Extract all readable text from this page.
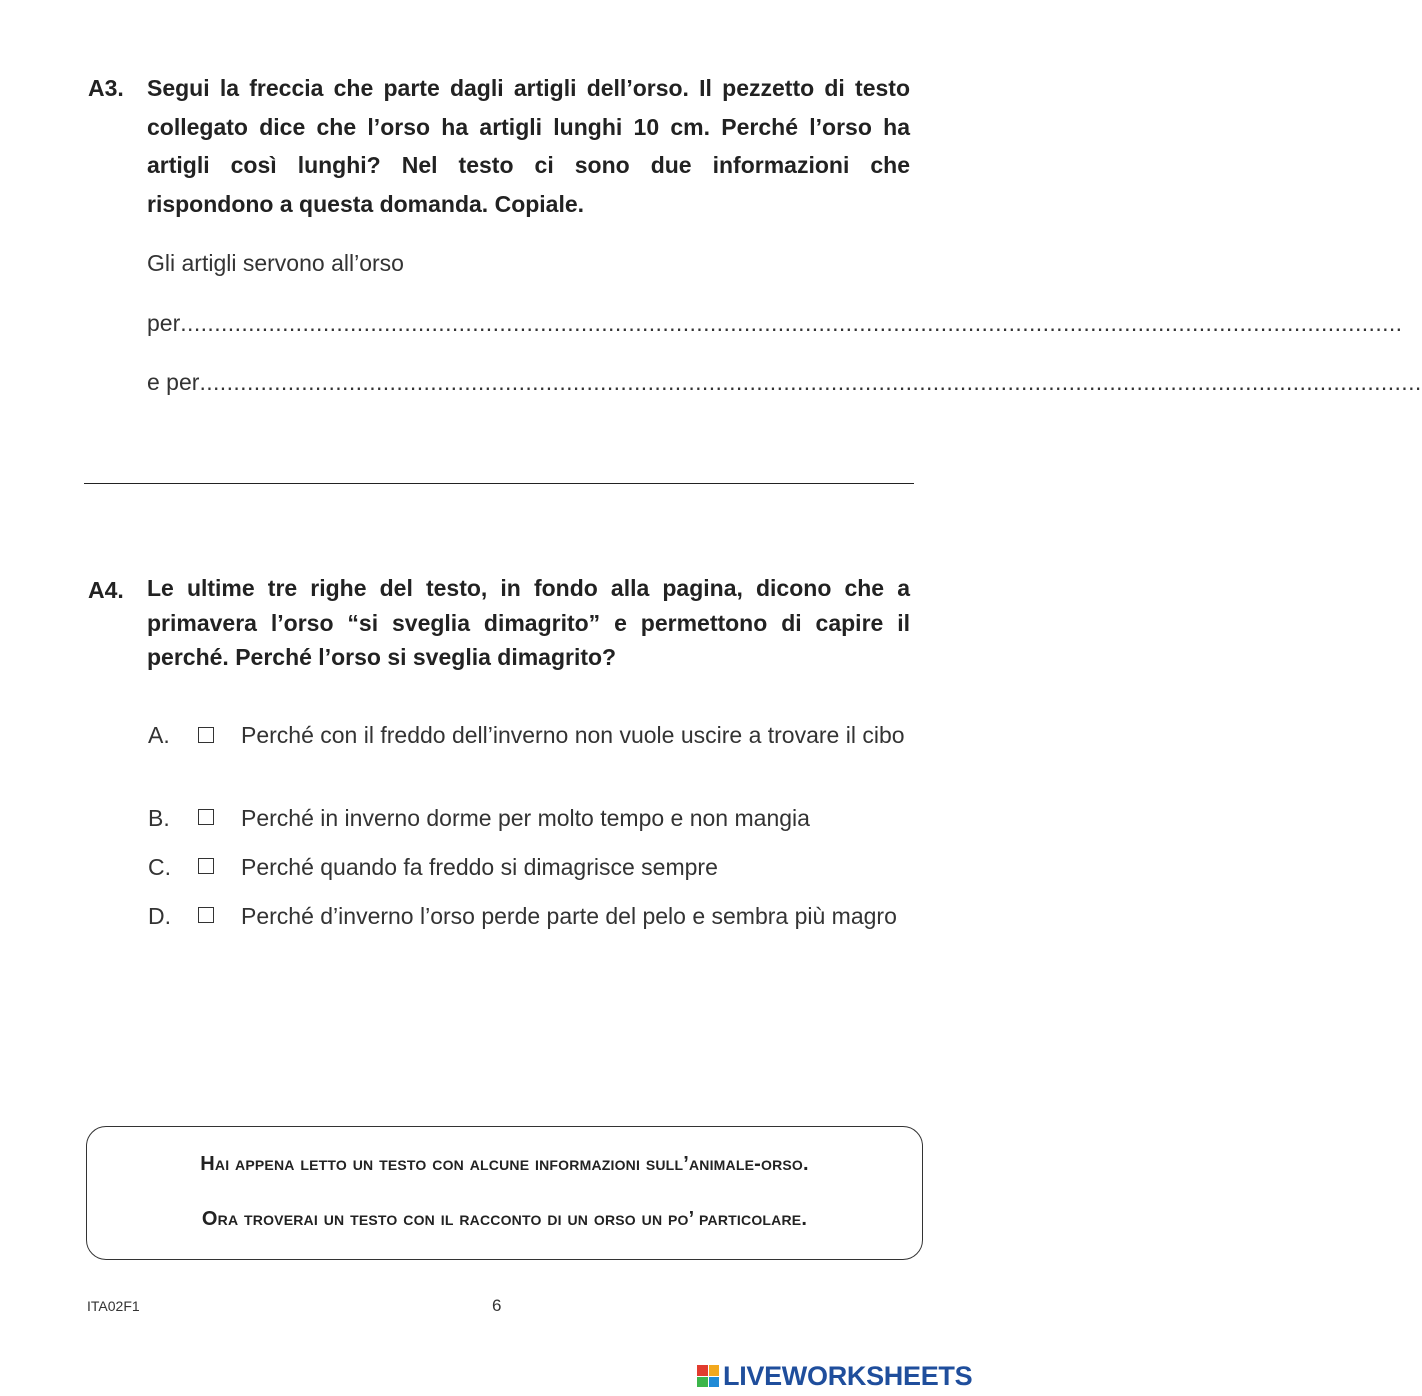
A3. Segui la freccia che parte dagli artigli dell’orso. Il pezzetto di testo collegato dice che l’orso ha artigli lunghi 10 cm. Perché l’orso ha artigli così lunghi? Nel testo ci sono due informazioni che rispondono a questa domanda. Copiale.
Gli artigli servono all’orso
per ....................................................................................................................................................................................
e per ....................................................................................................................................................................................
A4. Le ultime tre righe del testo, in fondo alla pagina, dicono che a primavera l’orso “si sveglia dimagrito” e permettono di capire il perché. Perché l’orso si sveglia dimagrito?
A.	Perché con il freddo dell’inverno non vuole uscire a trovare il cibo
B.	Perché in inverno dorme per molto tempo e non mangia
C.	Perché quando fa freddo si dimagrisce sempre
D.	Perché d’inverno l’orso perde parte del pelo e sembra più magro
Hai appena letto un testo con alcune informazioni sull’animale-orso.
Ora troverai un testo con il racconto di un orso un po’ particolare.
ITA02F1	6
LIVEWORKSHEETS
